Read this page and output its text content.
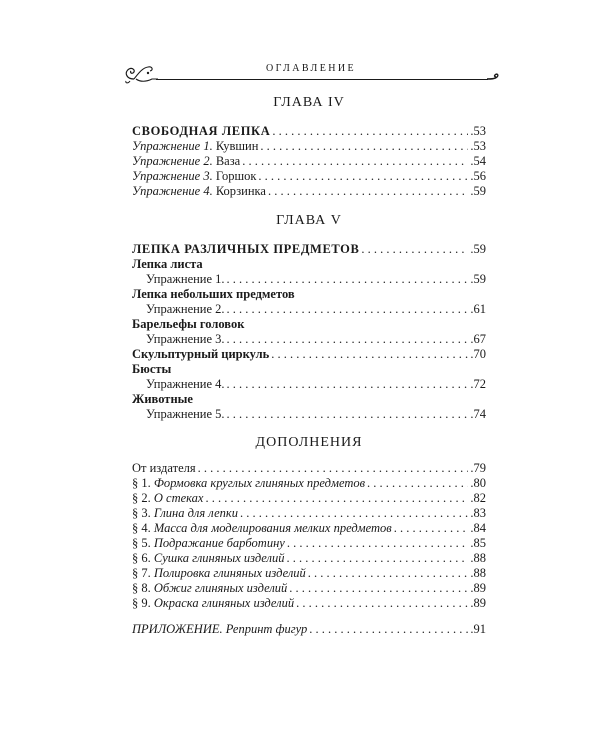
ОГЛАВЛЕНИЕ
ГЛАВА IV
СВОБОДНАЯ ЛЕПКА . . .	.53
Упражнение 1. Кувшин . . .	.53
Упражнение 2. Ваза . . .	.54
Упражнение 3. Горшок . . .	.56
Упражнение 4. Корзинка . . .	.59
ГЛАВА V
ЛЕПКА РАЗЛИЧНЫХ ПРЕДМЕТОВ . . .	.59
Лепка листа
Упражнение 1. . . .	.59
Лепка небольших предметов
Упражнение 2. . . .	.61
Барельефы головок
Упражнение 3. . . .	.67
Скульптурный циркуль . . .	.70
Бюсты
Упражнение 4. . . .	.72
Животные
Упражнение 5. . . .	.74
ДОПОЛНЕНИЯ
От издателя . . .	.79
§ 1. Формовка круглых глиняных предметов . . .	.80
§ 2. О стеках . . .	.82
§ 3. Глина для лепки . . .	.83
§ 4. Масса для моделирования мелких предметов . . .	.84
§ 5. Подражание барботину . . .	.85
§ 6. Сушка глиняных изделий . . .	.88
§ 7. Полировка глиняных изделий . . .	.88
§ 8. Обжиг глиняных изделий . . .	.89
§ 9. Окраска глиняных изделий . . .	.89
ПРИЛОЖЕНИЕ. Репринт фигур . . .	.91
